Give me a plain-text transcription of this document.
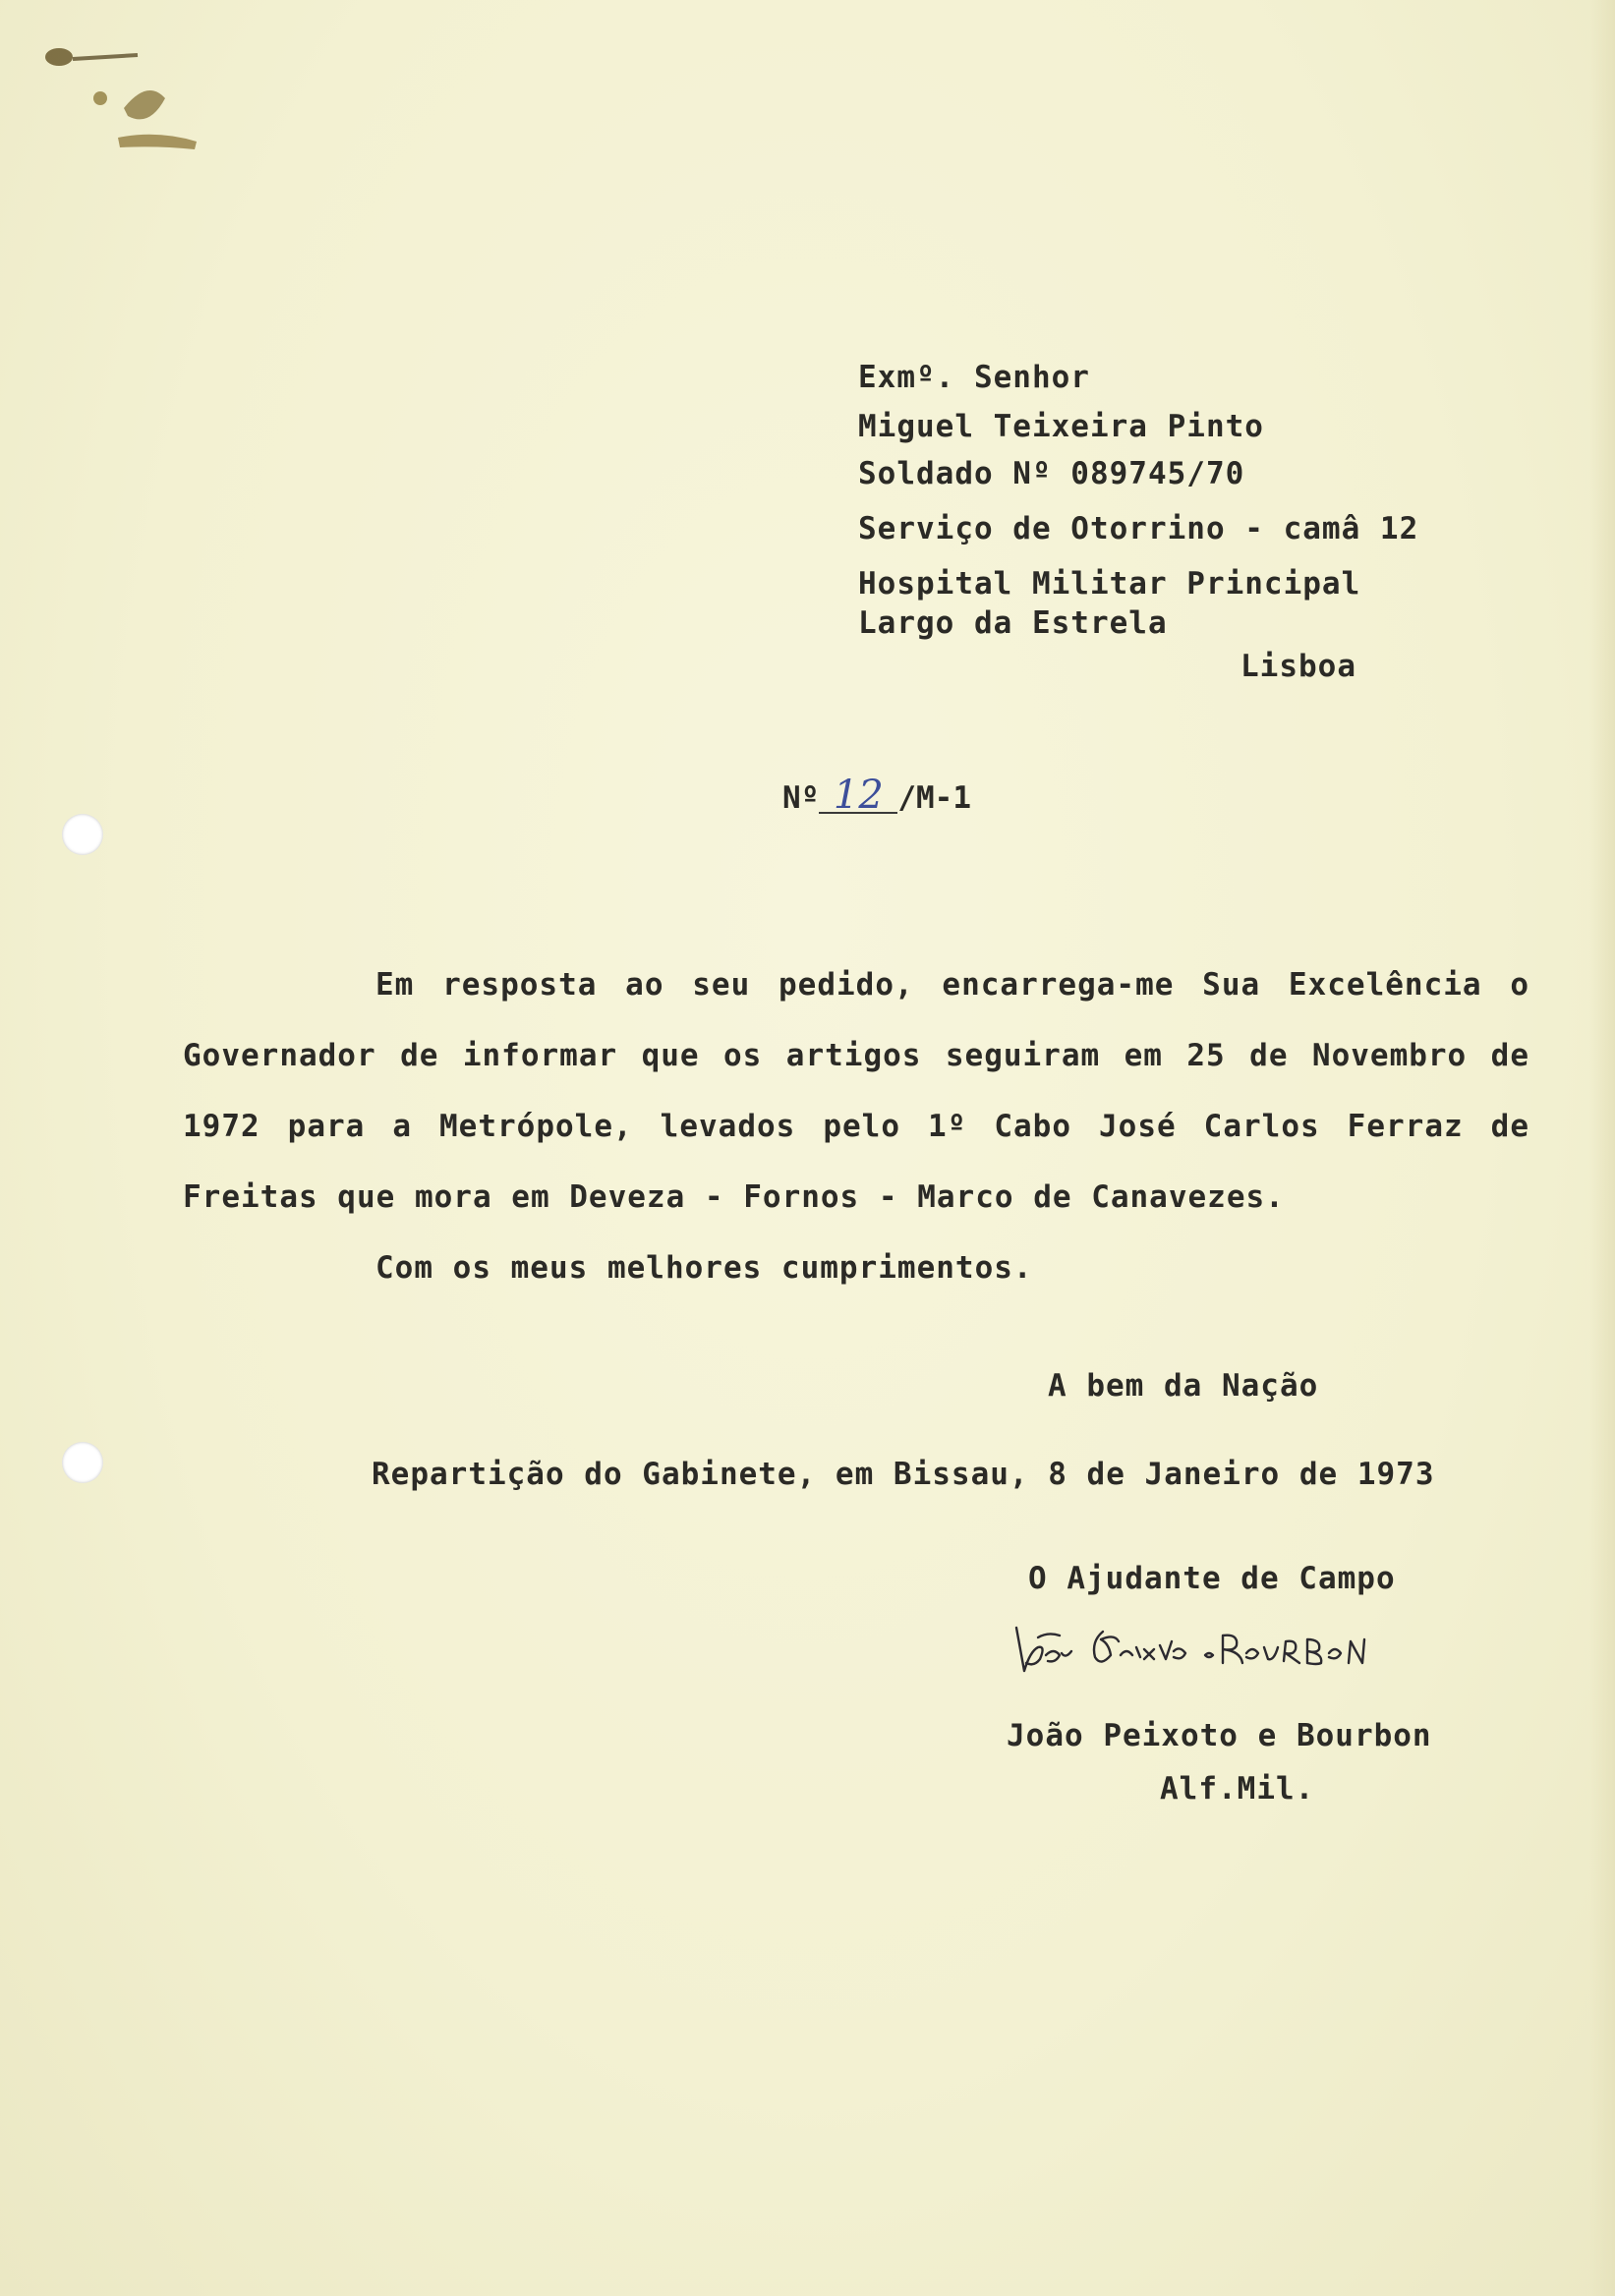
Exmº. Senhor
Miguel Teixeira Pinto
Soldado Nº 089745/70
Serviço de Otorrino - camâ 12
Hospital Militar Principal
Largo da Estrela
Lisboa
Nº 12 /M-1

Em resposta ao seu pedido, encarrega-me Sua Excelência o Governador de informar que os artigos seguiram em 25 de Novembro de 1972 para a Metrópole, levados pelo 1º Cabo José Carlos Ferraz de Freitas que mora em Deveza - Fornos - Marco de Canavezes.

Com os meus melhores cumprimentos.

A bem da Nação
Repartição do Gabinete, em Bissau, 8 de Janeiro de 1973
O Ajudante de Campo
João Peixoto e Bourbon
Alf.Mil.
